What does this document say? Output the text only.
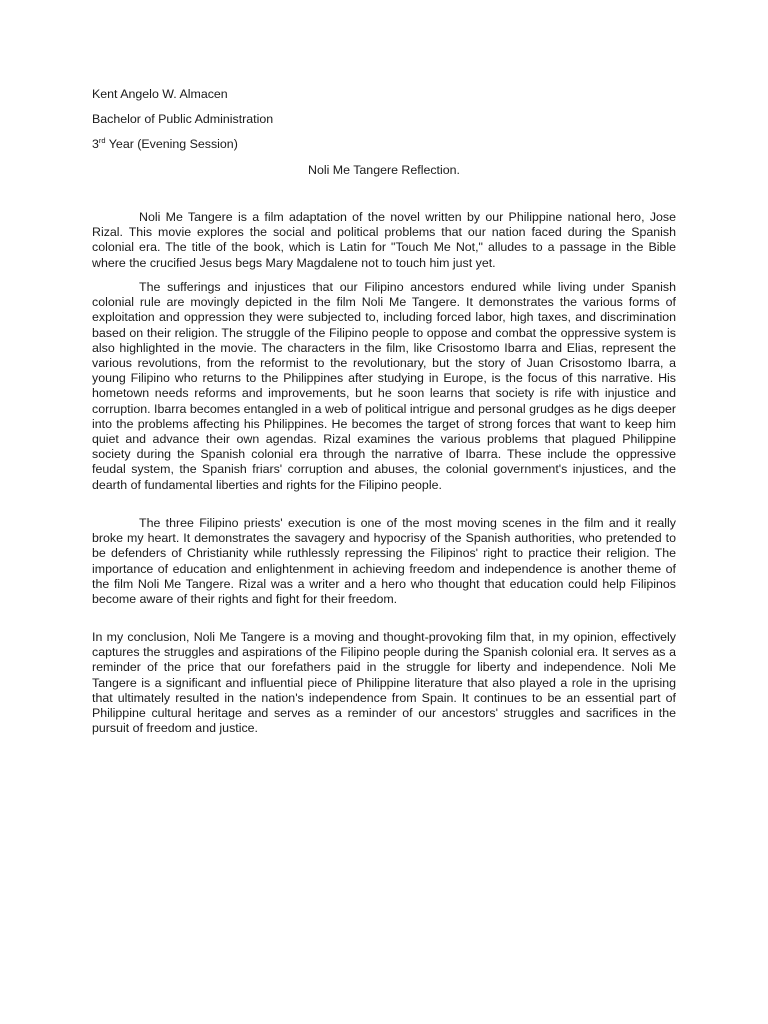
Kent Angelo W. Almacen
Bachelor of Public Administration
3rd Year (Evening Session)
Noli Me Tangere Reflection.

Noli Me Tangere is a film adaptation of the novel written by our Philippine national hero, Jose Rizal. This movie explores the social and political problems that our nation faced during the Spanish colonial era. The title of the book, which is Latin for "Touch Me Not," alludes to a passage in the Bible where the crucified Jesus begs Mary Magdalene not to touch him just yet.

The sufferings and injustices that our Filipino ancestors endured while living under Spanish colonial rule are movingly depicted in the film Noli Me Tangere. It demonstrates the various forms of exploitation and oppression they were subjected to, including forced labor, high taxes, and discrimination based on their religion. The struggle of the Filipino people to oppose and combat the oppressive system is also highlighted in the movie. The characters in the film, like Crisostomo Ibarra and Elias, represent the various revolutions, from the reformist to the revolutionary, but the story of Juan Crisostomo Ibarra, a young Filipino who returns to the Philippines after studying in Europe, is the focus of this narrative. His hometown needs reforms and improvements, but he soon learns that society is rife with injustice and corruption. Ibarra becomes entangled in a web of political intrigue and personal grudges as he digs deeper into the problems affecting his Philippines. He becomes the target of strong forces that want to keep him quiet and advance their own agendas. Rizal examines the various problems that plagued Philippine society during the Spanish colonial era through the narrative of Ibarra. These include the oppressive feudal system, the Spanish friars' corruption and abuses, the colonial government's injustices, and the dearth of fundamental liberties and rights for the Filipino people.

The three Filipino priests' execution is one of the most moving scenes in the film and it really broke my heart. It demonstrates the savagery and hypocrisy of the Spanish authorities, who pretended to be defenders of Christianity while ruthlessly repressing the Filipinos' right to practice their religion. The importance of education and enlightenment in achieving freedom and independence is another theme of the film Noli Me Tangere. Rizal was a writer and a hero who thought that education could help Filipinos become aware of their rights and fight for their freedom.

In my conclusion, Noli Me Tangere is a moving and thought-provoking film that, in my opinion, effectively captures the struggles and aspirations of the Filipino people during the Spanish colonial era. It serves as a reminder of the price that our forefathers paid in the struggle for liberty and independence. Noli Me Tangere is a significant and influential piece of Philippine literature that also played a role in the uprising that ultimately resulted in the nation's independence from Spain. It continues to be an essential part of Philippine cultural heritage and serves as a reminder of our ancestors' struggles and sacrifices in the pursuit of freedom and justice.
